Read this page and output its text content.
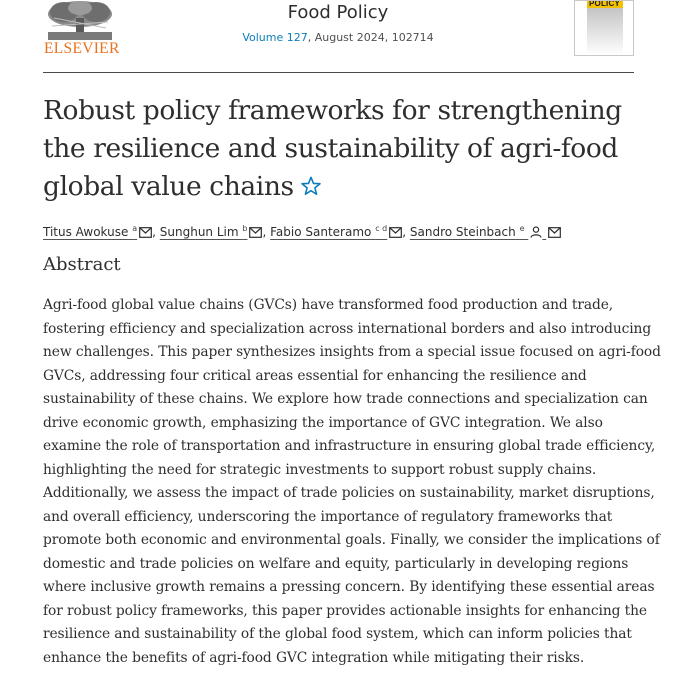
ELSEVIER
Food Policy
Volume 127, August 2024, 102714
POLICY
Robust policy frameworks for strengthening
the resilience and sustainability of agri-food
global value chains
Titus Awokuse $^a$ , Sunghun Lim $^b$ , Fabio Santeramo $^{c d}$ , Sandro Steinbach $^e$
Abstract

Agri-food global value chains (GVCs) have transformed food production and trade,
fostering efficiency and specialization across international borders and also introducing
new challenges. This paper synthesizes insights from a special issue focused on agri-food
GVCs, addressing four critical areas essential for enhancing the resilience and
sustainability of these chains. We explore how trade connections and specialization can
drive economic growth, emphasizing the importance of GVC integration. We also
examine the role of transportation and infrastructure in ensuring global trade efficiency,
highlighting the need for strategic investments to support robust supply chains.
Additionally, we assess the impact of trade policies on sustainability, market disruptions,
and overall efficiency, underscoring the importance of regulatory frameworks that
promote both economic and environmental goals. Finally, we consider the implications of
domestic and trade policies on welfare and equity, particularly in developing regions
where inclusive growth remains a pressing concern. By identifying these essential areas
for robust policy frameworks, this paper provides actionable insights for enhancing the
resilience and sustainability of the global food system, which can inform policies that
enhance the benefits of agri-food GVC integration while mitigating their risks.
